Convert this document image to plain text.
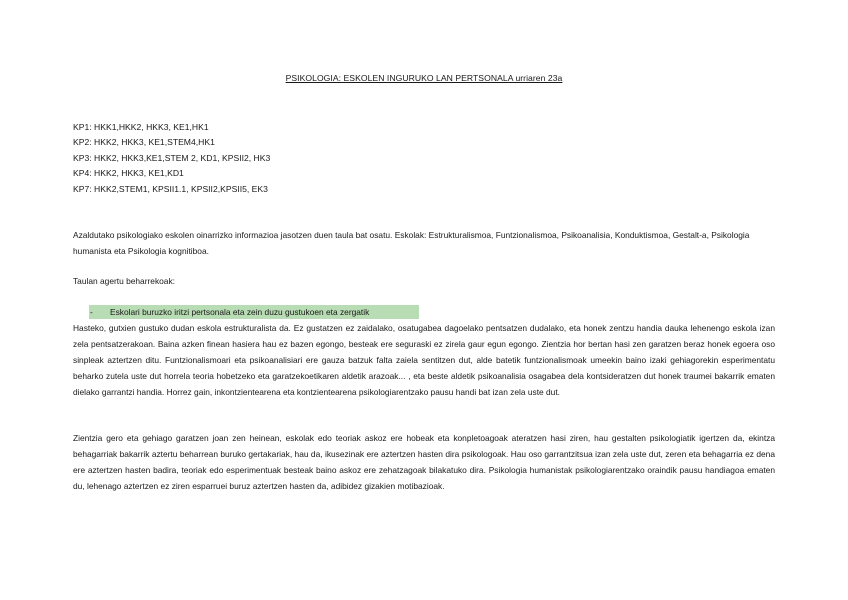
PSIKOLOGIA: ESKOLEN INGURUKO LAN PERTSONALA urriaren 23a
KP1: HKK1,HKK2, HKK3, KE1,HK1
KP2: HKK2, HKK3, KE1,STEM4,HK1
KP3: HKK2, HKK3,KE1,STEM 2, KD1, KPSII2, HK3
KP4: HKK2, HKK3, KE1,KD1
KP7: HKK2,STEM1, KPSII1.1, KPSII2,KPSII5, EK3
Azaldutako psikologiako eskolen oinarrizko informazioa jasotzen duen taula bat osatu. Eskolak: Estrukturalismoa, Funtzionalismoa, Psikoanalisia, Konduktismoa, Gestalt-a, Psikologia humanista eta Psikologia kognitiboa.
Taulan agertu beharrekoak:
- Eskolari buruzko iritzi pertsonala eta zein duzu gustukoen eta zergatik
Hasteko, gutxien gustuko dudan eskola estrukturalista da. Ez gustatzen ez zaidalako, osatugabea dagoelako pentsatzen dudalako, eta honek zentzu handia dauka lehenengo eskola izan zela pentsatzerakoan. Baina azken finean hasiera hau ez bazen egongo, besteak ere seguraski ez zirela gaur egun egongo. Zientzia hor bertan hasi zen garatzen beraz honek egoera oso sinpleak aztertzen ditu. Funtzionalismoari eta psikoanalisiari ere gauza batzuk falta zaiela sentitzen dut, alde batetik funtzionalismoak umeekin baino izaki gehiagorekin esperimentatu beharko zutela uste dut horrela teoria hobetzeko eta garatzekoetikaren aldetik arazoak... , eta beste aldetik psikoanalisia osagabea dela kontsideratzen dut honek traumei bakarrik ematen dielako garrantzi handia. Horrez gain, inkontzientearena eta kontzientearena psikologiarentzako pausu handi bat izan zela uste dut.
Zientzia gero eta gehiago garatzen joan zen heinean, eskolak edo teoriak askoz ere hobeak eta konpletoagoak ateratzen hasi ziren, hau gestalten psikologiatik igertzen da, ekintza behagarriak bakarrik aztertu beharrean buruko gertakariak, hau da, ikusezinak ere aztertzen hasten dira psikologoak. Hau oso garrantzitsua izan zela uste dut, zeren eta behagarria ez dena ere aztertzen hasten badira, teoriak edo esperimentuak besteak baino askoz ere zehatzagoak bilakatuko dira. Psikologia humanistak psikologiarentzako oraindik pausu handiagoa ematen du, lehenago aztertzen ez ziren esparruei buruz aztertzen hasten da, adibidez gizakien motibazioak.
